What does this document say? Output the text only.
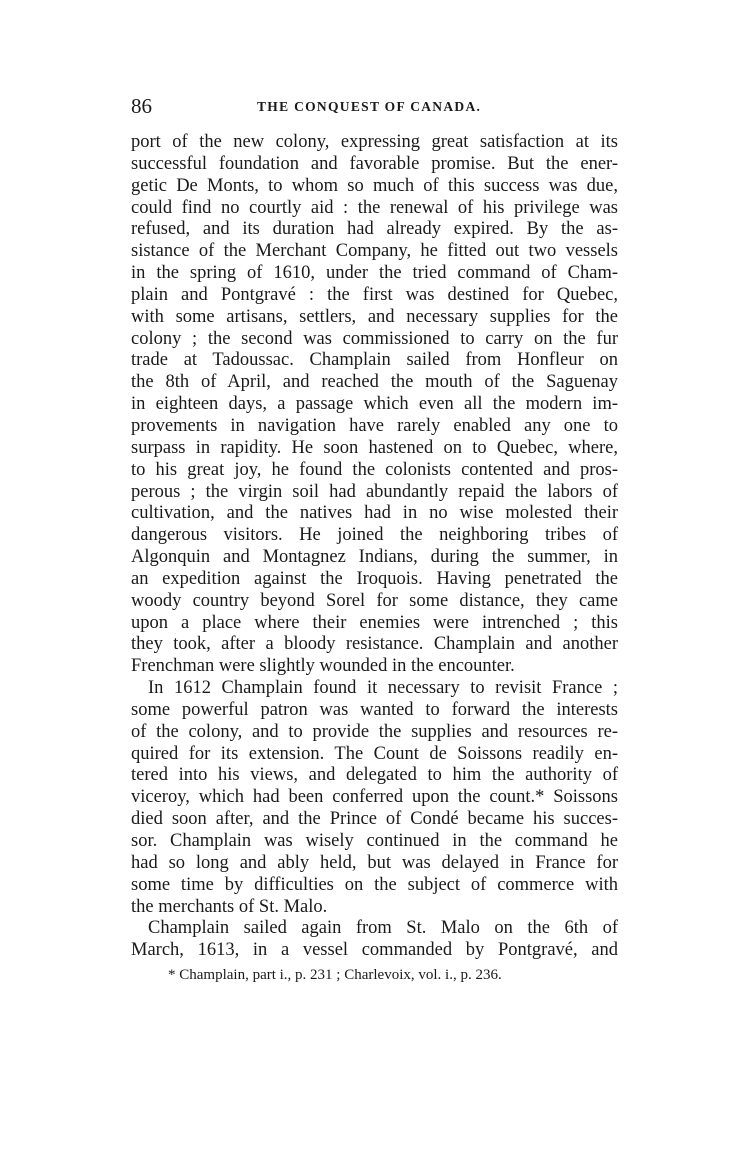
86	THE CONQUEST OF CANADA.
port of the new colony, expressing great satisfaction at its
successful foundation and favorable promise. But the ener-
getic De Monts, to whom so much of this success was due,
could find no courtly aid : the renewal of his privilege was
refused, and its duration had already expired. By the as-
sistance of the Merchant Company, he fitted out two vessels
in the spring of 1610, under the tried command of Cham-
plain and Pontgravé : the first was destined for Quebec,
with some artisans, settlers, and necessary supplies for the
colony ; the second was commissioned to carry on the fur
trade at Tadoussac. Champlain sailed from Honfleur on
the 8th of April, and reached the mouth of the Saguenay
in eighteen days, a passage which even all the modern im-
provements in navigation have rarely enabled any one to
surpass in rapidity. He soon hastened on to Quebec, where,
to his great joy, he found the colonists contented and pros-
perous ; the virgin soil had abundantly repaid the labors of
cultivation, and the natives had in no wise molested their
dangerous visitors. He joined the neighboring tribes of
Algonquin and Montagnez Indians, during the summer, in
an expedition against the Iroquois. Having penetrated the
woody country beyond Sorel for some distance, they came
upon a place where their enemies were intrenched ; this
they took, after a bloody resistance. Champlain and another
Frenchman were slightly wounded in the encounter.
In 1612 Champlain found it necessary to revisit France ;
some powerful patron was wanted to forward the interests
of the colony, and to provide the supplies and resources re-
quired for its extension. The Count de Soissons readily en-
tered into his views, and delegated to him the authority of
viceroy, which had been conferred upon the count.* Soissons
died soon after, and the Prince of Condé became his succes-
sor. Champlain was wisely continued in the command he
had so long and ably held, but was delayed in France for
some time by difficulties on the subject of commerce with
the merchants of St. Malo.
Champlain sailed again from St. Malo on the 6th of
March, 1613, in a vessel commanded by Pontgravé, and
* Champlain, part i., p. 231 ; Charlevoix, vol. i., p. 236.
